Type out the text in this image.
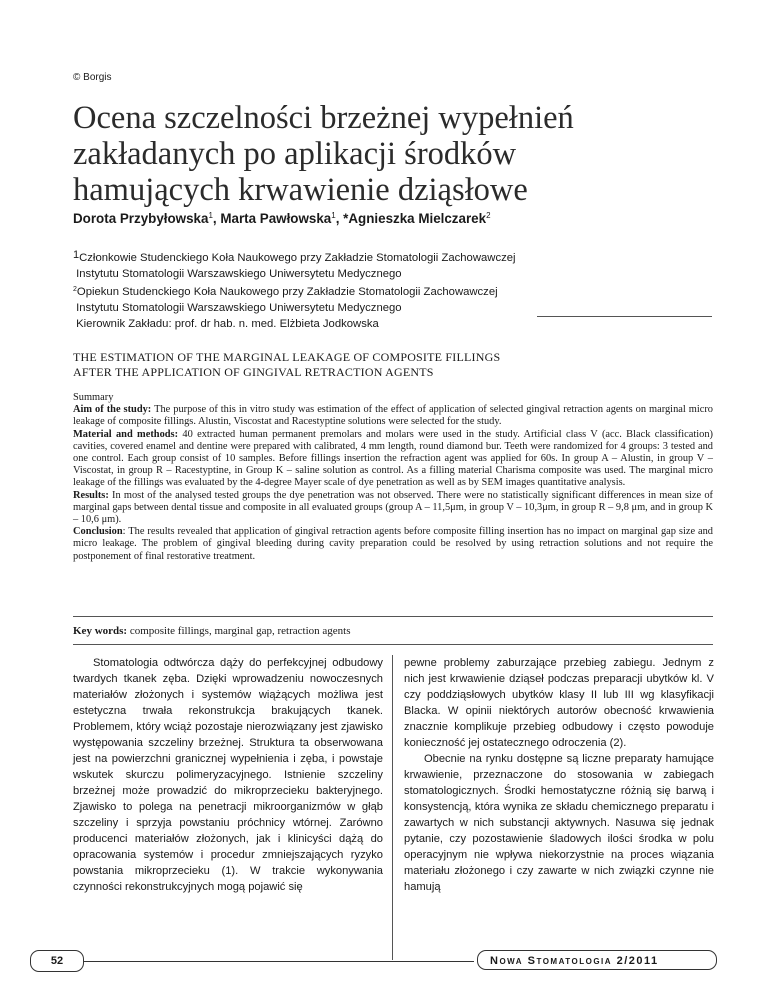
© Borgis
Ocena szczelności brzeżnej wypełnień
zakładanych po aplikacji środków
hamujących krwawienie dziąsłowe
Dorota Przybyłowska$^1$, Marta Pawłowska$^1$, *Agnieszka Mielczarek$^2$
$^1$Członkowie Studenckiego Koła Naukowego przy Zakładzie Stomatologii Zachowawczej
Instytutu Stomatologii Warszawskiego Uniwersytetu Medycznego
$^2$Opiekun Studenckiego Koła Naukowego przy Zakładzie Stomatologii Zachowawczej
Instytutu Stomatologii Warszawskiego Uniwersytetu Medycznego
Kierownik Zakładu: prof. dr hab. n. med. Elżbieta Jodkowska
THE ESTIMATION OF THE MARGINAL LEAKAGE OF COMPOSITE FILLINGS
AFTER THE APPLICATION OF GINGIVAL RETRACTION AGENTS

Summary

Aim of the study: The purpose of this in vitro study was estimation of the effect of application of selected gingival retraction agents on marginal micro leakage of composite fillings. Alustin, Viscostat and Racestyptine solutions were selected for the study.

Material and methods: 40 extracted human permanent premolars and molars were used in the study. Artificial class V (acc. Black classification) cavities, covered enamel and dentine were prepared with calibrated, 4 mm length, round diamond bur. Teeth were randomized for 4 groups: 3 tested and one control. Each group consist of 10 samples. Before fillings insertion the refraction agent was applied for 60s. In group A – Alustin, in group V – Viscostat, in group R – Racestyptine, in Group K – saline solution as control. As a filling material Charisma composite was used. The marginal micro leakage of the fillings was evaluated by the 4-degree Mayer scale of dye penetration as well as by SEM images quantitative analysis.

Results: In most of the analysed tested groups the dye penetration was not observed. There were no statistically significant differences in mean size of marginal gaps between dental tissue and composite in all evaluated groups (group A – 11,5μm, in group V – 10,3μm, in group R – 9,8 μm, and in group K – 10,6 μm).

Conclusion: The results revealed that application of gingival retraction agents before composite filling insertion has no impact on marginal gap size and micro leakage. The problem of gingival bleeding during cavity preparation could be resolved by using retraction solutions and not require the postponement of final restorative treatment.

Key words: composite fillings, marginal gap, retraction agents

Stomatologia odtwórcza dąży do perfekcyjnej odbudowy twardych tkanek zęba. Dzięki wprowadzeniu nowoczesnych materiałów złożonych i systemów wiążących możliwa jest estetyczna trwała rekonstrukcja brakujących tkanek. Problemem, który wciąż pozostaje nierozwiązany jest zjawisko występowania szczeliny brzeżnej. Struktura ta obserwowana jest na powierzchni granicznej wypełnienia i zęba, i powstaje wskutek skurczu polimeryzacyjnego. Istnienie szczeliny brzeżnej może prowadzić do mikroprzecieku bakteryjnego. Zjawisko to polega na penetracji mikroorganizmów w głąb szczeliny i sprzyja powstaniu próchnicy wtórnej. Zarówno producenci materiałów złożonych, jak i klinicyści dążą do opracowania systemów i procedur zmniejszających ryzyko powstania mikroprzecieku (1). W trakcie wykonywania czynności rekonstrukcyjnych mogą pojawić się

pewne problemy zaburzające przebieg zabiegu. Jednym z nich jest krwawienie dziąseł podczas preparacji ubytków kl. V czy poddziąsłowych ubytków klasy II lub III wg klasyfikacji Blacka. W opinii niektórych autorów obecność krwawienia znacznie komplikuje przebieg odbudowy i często powoduje konieczność jej ostatecznego odroczenia (2).

Obecnie na rynku dostępne są liczne preparaty hamujące krwawienie, przeznaczone do stosowania w zabiegach stomatologicznych. Środki hemostatyczne różnią się barwą i konsystencją, która wynika ze składu chemicznego preparatu i zawartych w nich substancji aktywnych. Nasuwa się jednak pytanie, czy pozostawienie śladowych ilości środka w polu operacyjnym nie wpływa niekorzystnie na proces wiązania materiału złożonego i czy zawarte w nich związki czynne nie hamują

52	Nowa Stomatologia 2/2011
